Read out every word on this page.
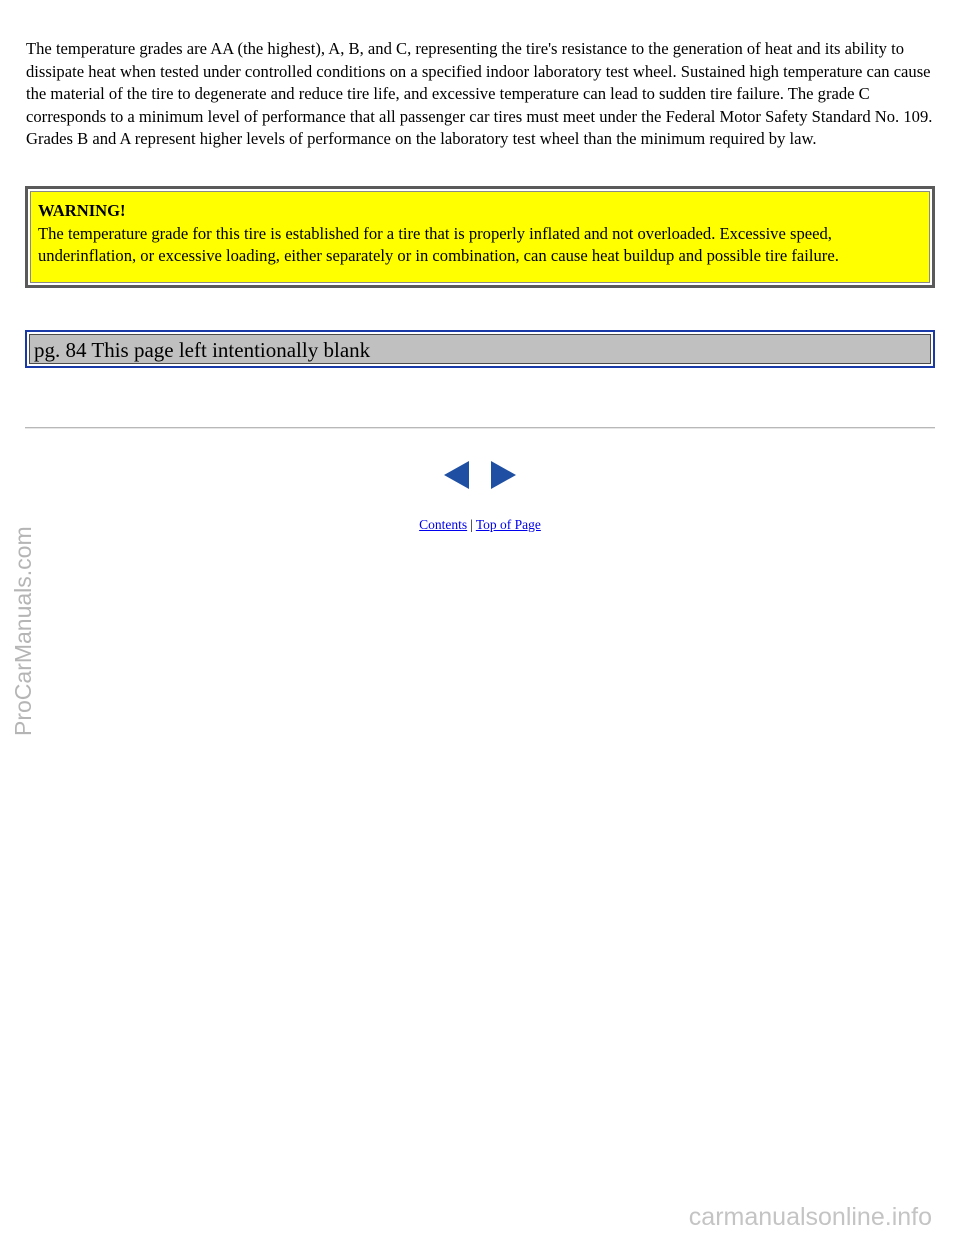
The temperature grades are AA (the highest), A, B, and C, representing the tire's resistance to the generation of heat and its ability to dissipate heat when tested under controlled conditions on a specified indoor laboratory test wheel. Sustained high temperature can cause the material of the tire to degenerate and reduce tire life, and excessive temperature can lead to sudden tire failure. The grade C corresponds to a minimum level of performance that all passenger car tires must meet under the Federal Motor Safety Standard No. 109. Grades B and A represent higher levels of performance on the laboratory test wheel than the minimum required by law.

WARNING!
The temperature grade for this tire is established for a tire that is properly inflated and not overloaded. Excessive speed, underinflation, or excessive loading, either separately or in combination, can cause heat buildup and possible tire failure.
pg. 84 This page left intentionally blank
Contents | Top of Page
ProCarManuals.com
carmanualsonline.info
